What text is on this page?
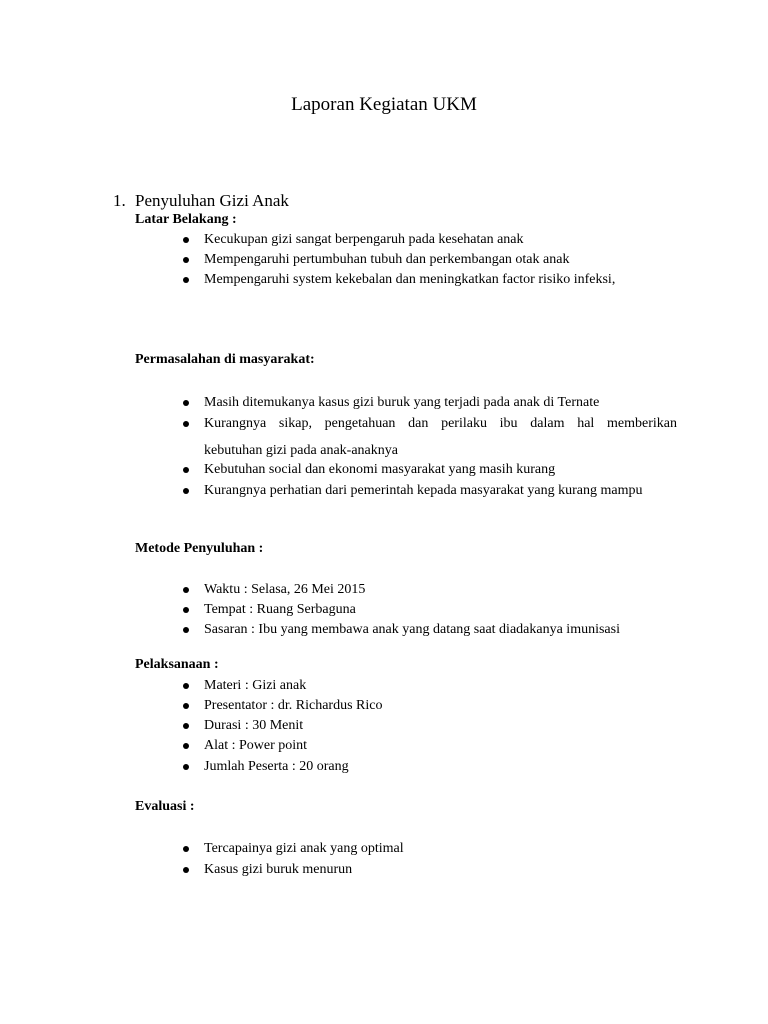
Laporan Kegiatan UKM
1. Penyuluhan Gizi Anak
Latar Belakang :
Kecukupan gizi sangat berpengaruh pada kesehatan anak
Mempengaruhi pertumbuhan tubuh dan perkembangan otak anak
Mempengaruhi system kekebalan dan meningkatkan factor risiko infeksi,
Permasalahan di masyarakat:
Masih ditemukanya kasus gizi buruk yang terjadi pada anak di Ternate
Kurangnya sikap, pengetahuan dan perilaku ibu dalam hal memberikan
kebutuhan gizi pada anak-anaknya
Kebutuhan social dan ekonomi masyarakat yang masih kurang
Kurangnya perhatian dari pemerintah kepada masyarakat yang kurang mampu
Metode Penyuluhan :
Waktu : Selasa, 26 Mei 2015
Tempat : Ruang Serbaguna
Sasaran : Ibu yang membawa anak yang datang saat diadakanya imunisasi
Pelaksanaan :
Materi : Gizi anak
Presentator : dr. Richardus Rico
Durasi : 30 Menit
Alat : Power point
Jumlah Peserta : 20 orang
Evaluasi :
Tercapainya gizi anak yang optimal
Kasus gizi buruk menurun
